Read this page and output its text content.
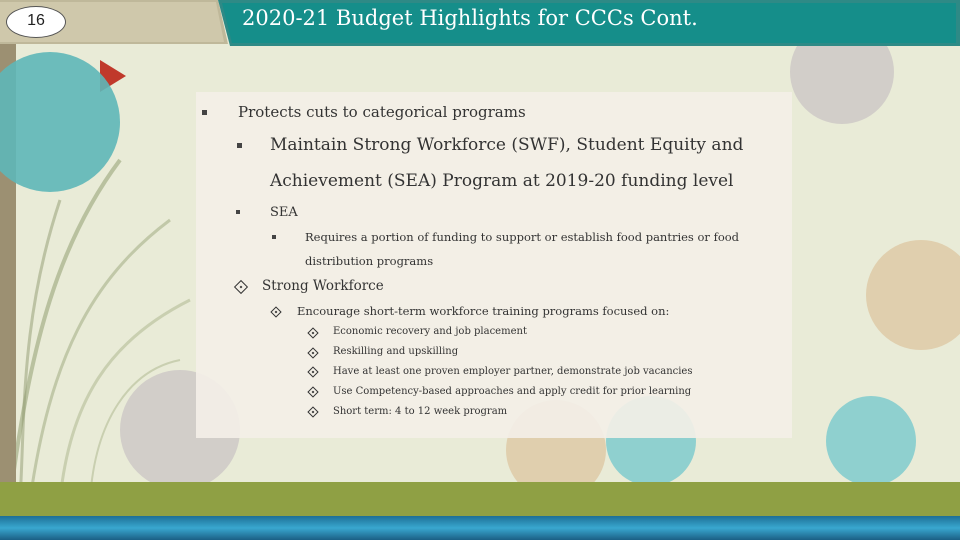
16	2020-21 Budget Highlights for CCCs Cont.
Protects cuts to categorical programs
Maintain Strong Workforce (SWF), Student Equity and
Achievement (SEA) Program at 2019-20 funding level
SEA
Requires a portion of funding to support or establish food pantries or food
distribution programs
Strong Workforce
Encourage short-term workforce training programs focused on:
Economic recovery and job placement
Reskilling and upskilling
Have at least one proven employer partner, demonstrate job vacancies
Use Competency-based approaches and apply credit for prior learning
Short term: 4 to 12 week program
